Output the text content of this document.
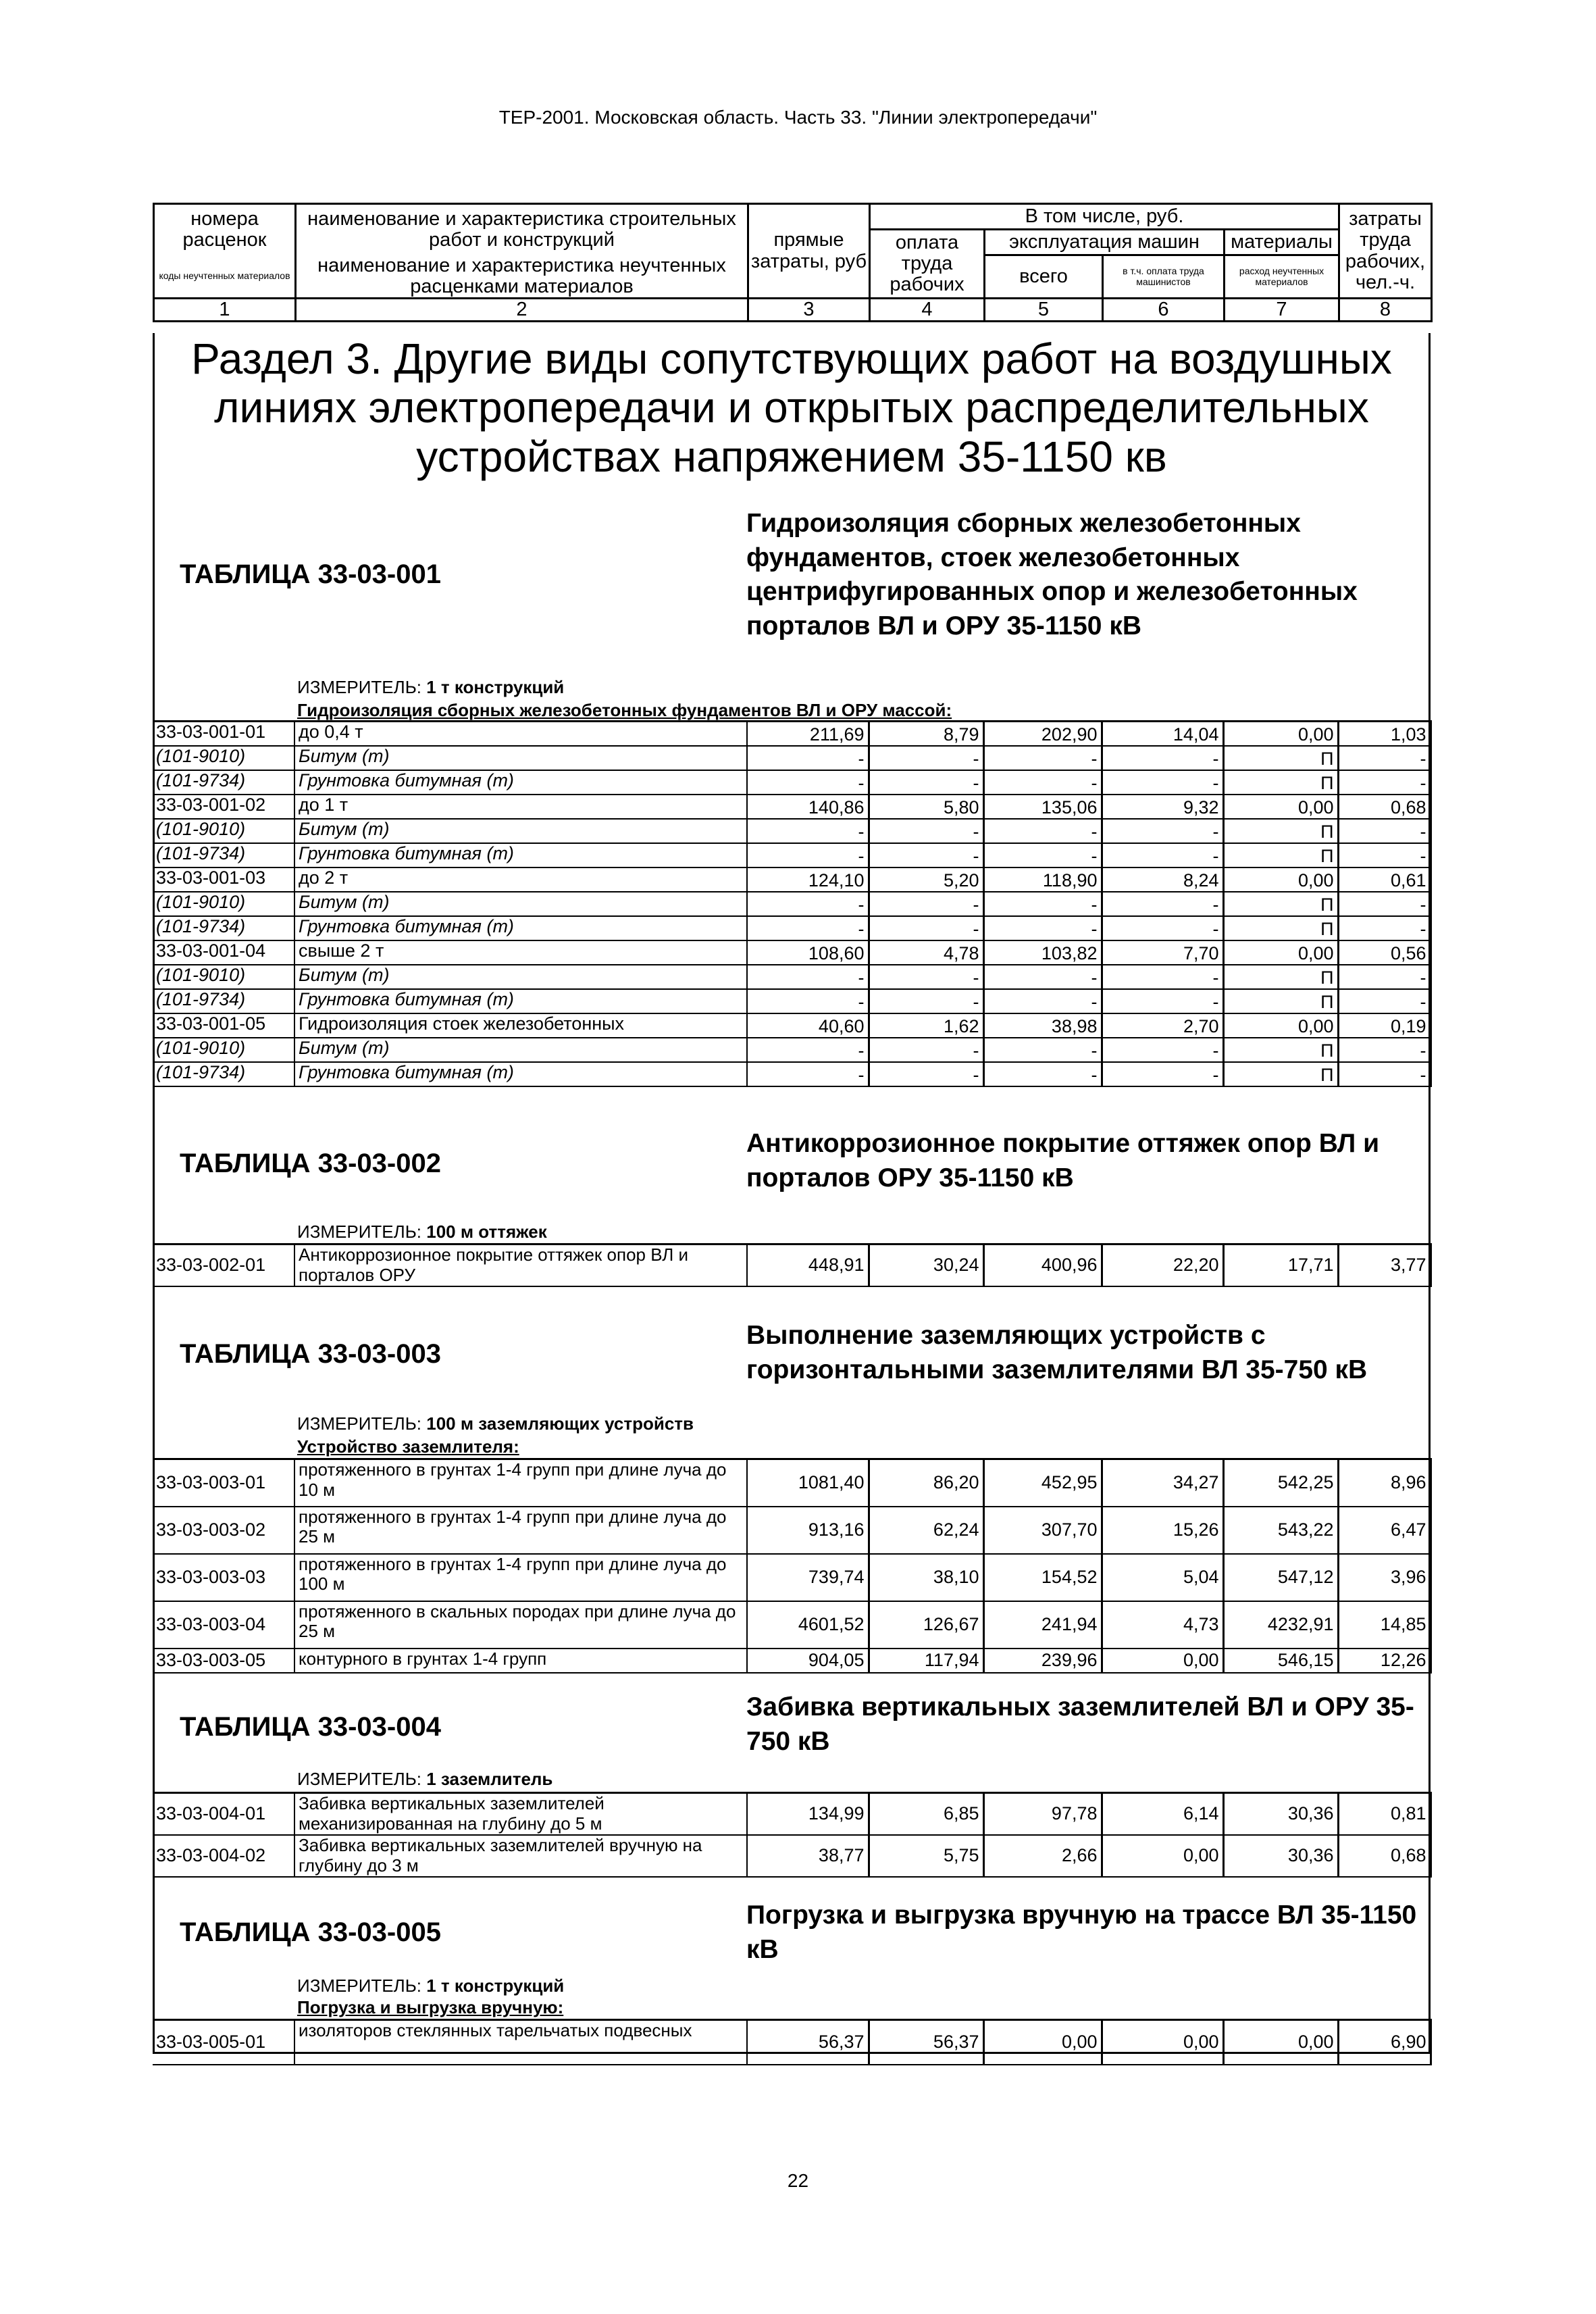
ТЕР-2001. Московская область. Часть 33. "Линии электропередачи"
номера расценок	наименование и характеристика строительных работ и конструкций	прямые затраты, руб	В том числе, руб.				затраты труда рабочих, чел.-ч.
			оплата труда рабочих	эксплуатация машин		материалы	
коды неучтенных материалов	наименование и характеристика неучтенных расценками материалов			всего	в т.ч. оплата труда машинистов	расход неучтенных материалов	

1	2	3	4	5	6	7	8
Раздел 3. Другие виды сопутствующих работ на воздушных линиях электропередачи и открытых распределительных устройствах напряжением 35-1150 кв
ТАБЛИЦА 33-03-001
Гидроизоляция сборных железобетонных фундаментов, стоек железобетонных центрифугированных опор и железобетонных порталов ВЛ и ОРУ 35-1150 кВ
ИЗМЕРИТЕЛЬ: 1 т конструкций
Гидроизоляция сборных железобетонных фундаментов ВЛ и ОРУ массой:
33-03-001-01	до 0,4 т	211,69	8,79	202,90	14,04	0,00	1,03
(101-9010)	Битум (т)	-	-	-	-	П	-
(101-9734)	Грунтовка битумная (т)	-	-	-	-	П	-
33-03-001-02	до 1 т	140,86	5,80	135,06	9,32	0,00	0,68
(101-9010)	Битум (т)	-	-	-	-	П	-
(101-9734)	Грунтовка битумная (т)	-	-	-	-	П	-
33-03-001-03	до 2 т	124,10	5,20	118,90	8,24	0,00	0,61
(101-9010)	Битум (т)	-	-	-	-	П	-
(101-9734)	Грунтовка битумная (т)	-	-	-	-	П	-
33-03-001-04	свыше 2 т	108,60	4,78	103,82	7,70	0,00	0,56
(101-9010)	Битум (т)	-	-	-	-	П	-
(101-9734)	Грунтовка битумная (т)	-	-	-	-	П	-
33-03-001-05	Гидроизоляция стоек железобетонных	40,60	1,62	38,98	2,70	0,00	0,19
(101-9010)	Битум (т)	-	-	-	-	П	-
(101-9734)	Грунтовка битумная (т)	-	-	-	-	П	-
ТАБЛИЦА 33-03-002
Антикоррозионное покрытие оттяжек опор ВЛ и порталов ОРУ 35-1150 кВ
ИЗМЕРИТЕЛЬ: 100 м оттяжек
33-03-002-01	Антикоррозионное покрытие оттяжек опор ВЛ и порталов ОРУ	448,91	30,24	400,96	22,20	17,71	3,77
ТАБЛИЦА 33-03-003
Выполнение заземляющих устройств с горизонтальными заземлителями ВЛ 35-750 кВ
ИЗМЕРИТЕЛЬ: 100 м заземляющих устройств
Устройство заземлителя:
33-03-003-01	протяженного в грунтах 1-4 групп при длине луча до 10 м	1081,40	86,20	452,95	34,27	542,25	8,96
33-03-003-02	протяженного в грунтах 1-4 групп при длине луча до 25 м	913,16	62,24	307,70	15,26	543,22	6,47
33-03-003-03	протяженного в грунтах 1-4 групп при длине луча до 100 м	739,74	38,10	154,52	5,04	547,12	3,96
33-03-003-04	протяженного в скальных породах при длине луча до 25 м	4601,52	126,67	241,94	4,73	4232,91	14,85
33-03-003-05	контурного в грунтах 1-4 групп	904,05	117,94	239,96	0,00	546,15	12,26
ТАБЛИЦА 33-03-004
Забивка вертикальных заземлителей ВЛ и ОРУ 35-750 кВ
ИЗМЕРИТЕЛЬ: 1 заземлитель
33-03-004-01	Забивка вертикальных заземлителей механизированная на глубину до 5 м	134,99	6,85	97,78	6,14	30,36	0,81
33-03-004-02	Забивка вертикальных заземлителей вручную на глубину до 3 м	38,77	5,75	2,66	0,00	30,36	0,68
ТАБЛИЦА 33-03-005
Погрузка и выгрузка вручную на трассе ВЛ 35-1150 кВ
ИЗМЕРИТЕЛЬ: 1 т конструкций
Погрузка и выгрузка вручную:
33-03-005-01	изоляторов стеклянных тарельчатых подвесных	56,37	56,37	0,00	0,00	0,00	6,90
22
